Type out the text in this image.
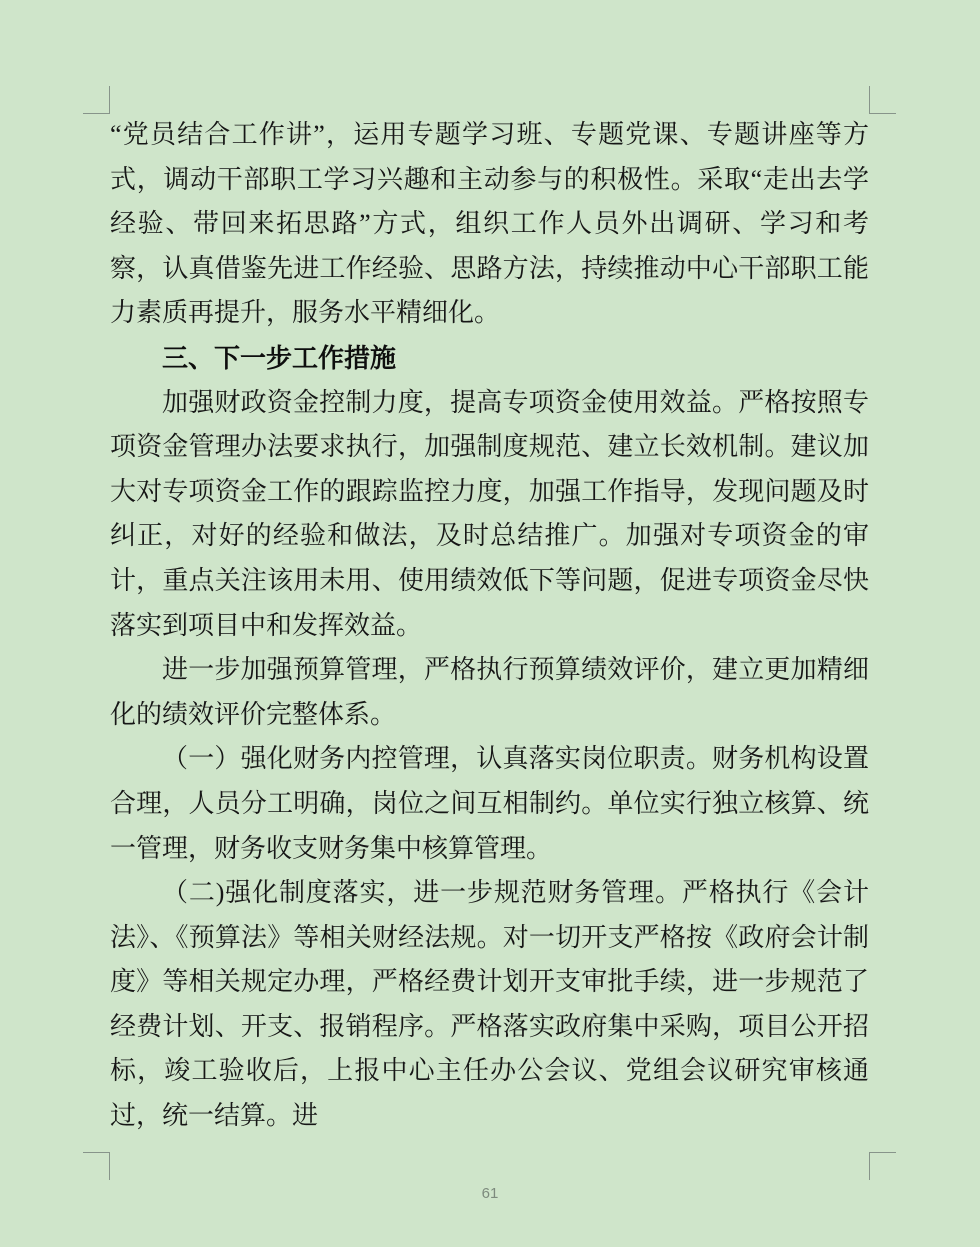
“党员结合工作讲”，运用专题学习班、专题党课、专题讲座等方式，调动干部职工学习兴趣和主动参与的积极性。采取“走出去学经验、带回来拓思路”方式，组织工作人员外出调研、学习和考察，认真借鉴先进工作经验、思路方法，持续推动中心干部职工能力素质再提升，服务水平精细化。

三、下一步工作措施

加强财政资金控制力度，提高专项资金使用效益。严格按照专项资金管理办法要求执行，加强制度规范、建立长效机制。建议加大对专项资金工作的跟踪监控力度，加强工作指导，发现问题及时纠正，对好的经验和做法，及时总结推广。加强对专项资金的审计，重点关注该用未用、使用绩效低下等问题，促进专项资金尽快落实到项目中和发挥效益。

进一步加强预算管理，严格执行预算绩效评价，建立更加精细化的绩效评价完整体系。

（一）强化财务内控管理，认真落实岗位职责。财务机构设置合理，人员分工明确，岗位之间互相制约。单位实行独立核算、统一管理，财务收支财务集中核算管理。

（二)强化制度落实，进一步规范财务管理。严格执行《会计法》、《预算法》等相关财经法规。对一切开支严格按《政府会计制度》等相关规定办理，严格经费计划开支审批手续，进一步规范了经费计划、开支、报销程序。严格落实政府集中采购，项目公开招标，竣工验收后，上报中心主任办公会议、党组会议研究审核通过，统一结算。进

61
